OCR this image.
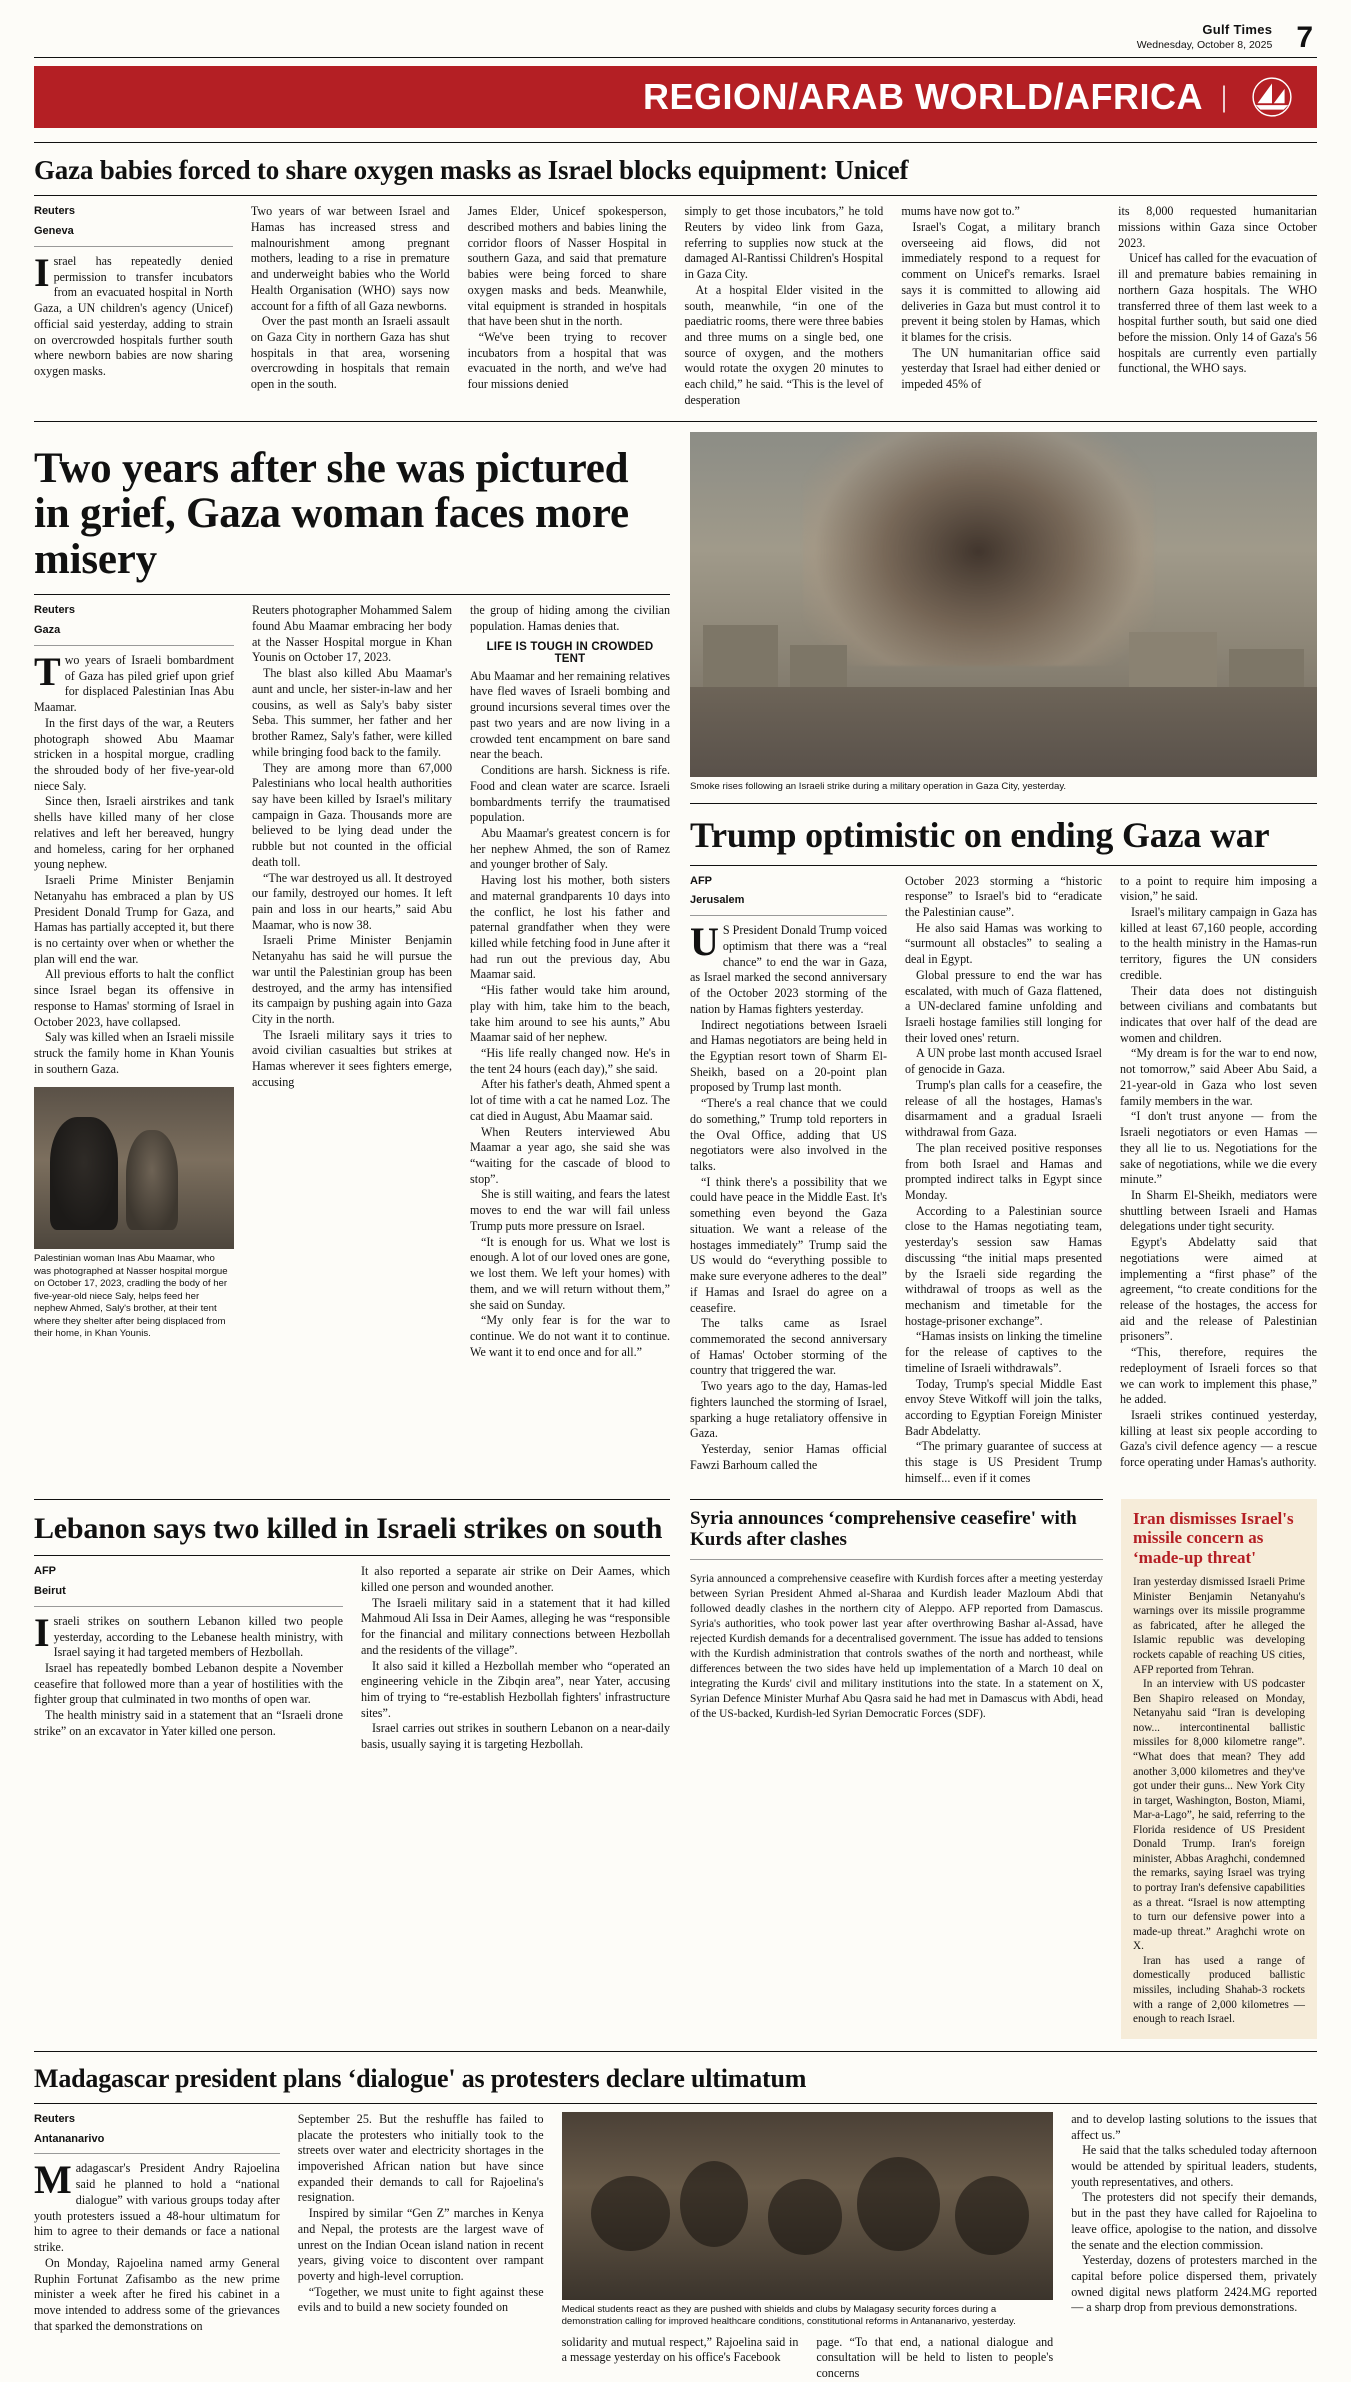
Gulf Times
Wednesday, October 8, 2025 7
REGION/ARAB WORLD/AFRICA |
Gaza babies forced to share oxygen masks as Israel blocks equipment: Unicef
Reuters
Geneva

Israel has repeatedly denied permission to transfer incubators from an evacuated hospital in North Gaza, a UN children's agency (Unicef) official said yesterday, adding to strain on overcrowded hospitals further south where newborn babies are now sharing oxygen masks.

Two years of war between Israel and Hamas has increased stress and malnourishment among pregnant mothers, leading to a rise in premature and underweight babies who the World Health Organisation (WHO) says now account for a fifth of all Gaza newborns.

Over the past month an Israeli assault on Gaza City in northern Gaza has shut hospitals in that area, worsening overcrowding in hospitals that remain open in the south.

James Elder, Unicef spokesperson, described mothers and babies lining the corridor floors of Nasser Hospital in southern Gaza, and said that premature babies were being forced to share oxygen masks and beds. Meanwhile, vital equipment is stranded in hospitals that have been shut in the north.

“We've been trying to recover incubators from a hospital that was evacuated in the north, and we've had four missions denied

simply to get those incubators,” he told Reuters by video link from Gaza, referring to supplies now stuck at the damaged Al-Rantissi Children's Hospital in Gaza City.

At a hospital Elder visited in the south, meanwhile, “in one of the paediatric rooms, there were three babies and three mums on a single bed, one source of oxygen, and the mothers would rotate the oxygen 20 minutes to each child,” he said. “This is the level of desperation

mums have now got to.”

Israel's Cogat, a military branch overseeing aid flows, did not immediately respond to a request for comment on Unicef's remarks. Israel says it is committed to allowing aid deliveries in Gaza but must control it to prevent it being stolen by Hamas, which it blames for the crisis.

The UN humanitarian office said yesterday that Israel had either denied or impeded 45% of

its 8,000 requested humanitarian missions within Gaza since October 2023.

Unicef has called for the evacuation of ill and premature babies remaining in northern Gaza hospitals. The WHO transferred three of them last week to a hospital further south, but said one died before the mission. Only 14 of Gaza's 56 hospitals are currently even partially functional, the WHO says.

Two years after she was pictured in grief, Gaza woman faces more misery
Reuters
Gaza

Two years of Israeli bombardment of Gaza has piled grief upon grief for displaced Palestinian Inas Abu Maamar.

In the first days of the war, a Reuters photograph showed Abu Maamar stricken in a hospital morgue, cradling the shrouded body of her five-year-old niece Saly.

Since then, Israeli airstrikes and tank shells have killed many of her close relatives and left her bereaved, hungry and homeless, caring for her orphaned young nephew.

Israeli Prime Minister Benjamin Netanyahu has embraced a plan by US President Donald Trump for Gaza, and Hamas has partially accepted it, but there is no certainty over when or whether the plan will end the war.

All previous efforts to halt the conflict since Israel began its offensive in response to Hamas' storming of Israel in October 2023, have collapsed.

Saly was killed when an Israeli missile struck the family home in Khan Younis in southern Gaza.

Palestinian woman Inas Abu Maamar, who was photographed at Nasser hospital morgue on October 17, 2023, cradling the body of her five-year-old niece Saly, helps feed her nephew Ahmed, Saly's brother, at their tent where they shelter after being displaced from their home, in Khan Younis.

Reuters photographer Mohammed Salem found Abu Maamar embracing her body at the Nasser Hospital morgue in Khan Younis on October 17, 2023.

The blast also killed Abu Maamar's aunt and uncle, her sister-in-law and her cousins, as well as Saly's baby sister Seba. This summer, her father and her brother Ramez, Saly's father, were killed while bringing food back to the family.

They are among more than 67,000 Palestinians who local health authorities say have been killed by Israel's military campaign in Gaza. Thousands more are believed to be lying dead under the rubble but not counted in the official death toll.

“The war destroyed us all. It destroyed our family, destroyed our homes. It left pain and loss in our hearts,” said Abu Maamar, who is now 38.

Israeli Prime Minister Benjamin Netanyahu has said he will pursue the war until the Palestinian group has been destroyed, and the army has intensified its campaign by pushing again into Gaza City in the north.

The Israeli military says it tries to avoid civilian casualties but strikes at Hamas wherever it sees fighters emerge, accusing

the group of hiding among the civilian population. Hamas denies that.

LIFE IS TOUGH IN CROWDED TENT

Abu Maamar and her remaining relatives have fled waves of Israeli bombing and ground incursions several times over the past two years and are now living in a crowded tent encampment on bare sand near the beach.

Conditions are harsh. Sickness is rife. Food and clean water are scarce. Israeli bombardments terrify the traumatised population.

Abu Maamar's greatest concern is for her nephew Ahmed, the son of Ramez and younger brother of Saly.

Having lost his mother, both sisters and maternal grandparents 10 days into the conflict, he lost his father and paternal grandfather when they were killed while fetching food in June after it had run out the previous day, Abu Maamar said.

“His father would take him around, play with him, take him to the beach, take him around to see his aunts,” Abu Maamar said of her nephew.

“His life really changed now. He's in the tent 24 hours (each day),” she said.

After his father's death, Ahmed spent a lot of time with a cat he named Loz. The cat died in August, Abu Maamar said.

When Reuters interviewed Abu Maamar a year ago, she said she was “waiting for the cascade of blood to stop”.

She is still waiting, and fears the latest moves to end the war will fail unless Trump puts more pressure on Israel.

“It is enough for us. What we lost is enough. A lot of our loved ones are gone, we lost them. We left your homes) with them, and we will return without them,” she said on Sunday.

“My only fear is for the war to continue. We do not want it to continue. We want it to end once and for all.”

Smoke rises following an Israeli strike during a military operation in Gaza City, yesterday.
Trump optimistic on ending Gaza war
AFP
Jerusalem

US President Donald Trump voiced optimism that there was a “real chance” to end the war in Gaza, as Israel marked the second anniversary of the October 2023 storming of the nation by Hamas fighters yesterday.

Indirect negotiations between Israeli and Hamas negotiators are being held in the Egyptian resort town of Sharm El-Sheikh, based on a 20-point plan proposed by Trump last month.

“There's a real chance that we could do something,” Trump told reporters in the Oval Office, adding that US negotiators were also involved in the talks.

“I think there's a possibility that we could have peace in the Middle East. It's something even beyond the Gaza situation. We want a release of the hostages immediately” Trump said the US would do “everything possible to make sure everyone adheres to the deal” if Hamas and Israel do agree on a ceasefire.

The talks came as Israel commemorated the second anniversary of Hamas' October storming of the country that triggered the war.

Two years ago to the day, Hamas-led fighters launched the storming of Israel, sparking a huge retaliatory offensive in Gaza.

Yesterday, senior Hamas official Fawzi Barhoum called the

October 2023 storming a “historic response” to Israel's bid to “eradicate the Palestinian cause”.

He also said Hamas was working to “surmount all obstacles” to sealing a deal in Egypt.

Global pressure to end the war has escalated, with much of Gaza flattened, a UN-declared famine unfolding and Israeli hostage families still longing for their loved ones' return.

A UN probe last month accused Israel of genocide in Gaza.

Trump's plan calls for a ceasefire, the release of all the hostages, Hamas's disarmament and a gradual Israeli withdrawal from Gaza.

The plan received positive responses from both Israel and Hamas and prompted indirect talks in Egypt since Monday.

According to a Palestinian source close to the Hamas negotiating team, yesterday's session saw Hamas discussing “the initial maps presented by the Israeli side regarding the withdrawal of troops as well as the mechanism and timetable for the hostage-prisoner exchange”.

“Hamas insists on linking the timeline for the release of captives to the timeline of Israeli withdrawals”.

Today, Trump's special Middle East envoy Steve Witkoff will join the talks, according to Egyptian Foreign Minister Badr Abdelatty.

“The primary guarantee of success at this stage is US President Trump himself... even if it comes

to a point to require him imposing a vision,” he said.

Israel's military campaign in Gaza has killed at least 67,160 people, according to the health ministry in the Hamas-run territory, figures the UN considers credible.

Their data does not distinguish between civilians and combatants but indicates that over half of the dead are women and children.

“My dream is for the war to end now, not tomorrow,” said Abeer Abu Said, a 21-year-old in Gaza who lost seven family members in the war.

“I don't trust anyone — from the Israeli negotiators or even Hamas — they all lie to us. Negotiations for the sake of negotiations, while we die every minute.”

In Sharm El-Sheikh, mediators were shuttling between Israeli and Hamas delegations under tight security.

Egypt's Abdelatty said that negotiations were aimed at implementing a “first phase” of the agreement, “to create conditions for the release of the hostages, the access for aid and the release of Palestinian prisoners”.

“This, therefore, requires the redeployment of Israeli forces so that we can work to implement this phase,” he added.

Israeli strikes continued yesterday, killing at least six people according to Gaza's civil defence agency — a rescue force operating under Hamas's authority.

Lebanon says two killed in Israeli strikes on south
AFP
Beirut

Israeli strikes on southern Lebanon killed two people yesterday, according to the Lebanese health ministry, with Israel saying it had targeted members of Hezbollah.

Israel has repeatedly bombed Lebanon despite a November ceasefire that followed more than a year of hostilities with the fighter group that culminated in two months of open war.

The health ministry said in a statement that an “Israeli drone strike” on an excavator in Yater killed one person.

It also reported a separate air strike on Deir Aames, which killed one person and wounded another.

The Israeli military said in a statement that it had killed Mahmoud Ali Issa in Deir Aames, alleging he was “responsible for the financial and military connections between Hezbollah and the residents of the village”.

It also said it killed a Hezbollah member who “operated an engineering vehicle in the Zibqin area”, near Yater, accusing him of trying to “re-establish Hezbollah fighters' infrastructure sites”.

Israel carries out strikes in southern Lebanon on a near-daily basis, usually saying it is targeting Hezbollah.

Syria announces ‘comprehensive ceasefire' with Kurds after clashes

Syria announced a comprehensive ceasefire with Kurdish forces after a meeting yesterday between Syrian President Ahmed al-Sharaa and Kurdish leader Mazloum Abdi that followed deadly clashes in the northern city of Aleppo. AFP reported from Damascus. Syria's authorities, who took power last year after overthrowing Bashar al-Assad, have rejected Kurdish demands for a decentralised government. The issue has added to tensions with the Kurdish administration that controls swathes of the north and northeast, while differences between the two sides have held up implementation of a March 10 deal on integrating the Kurds' civil and military institutions into the state. In a statement on X, Syrian Defence Minister Murhaf Abu Qasra said he had met in Damascus with Abdi, head of the US-backed, Kurdish-led Syrian Democratic Forces (SDF).

Iran dismisses Israel's missile concern as ‘made-up threat'

Iran yesterday dismissed Israeli Prime Minister Benjamin Netanyahu's warnings over its missile programme as fabricated, after he alleged the Islamic republic was developing rockets capable of reaching US cities, AFP reported from Tehran.

In an interview with US podcaster Ben Shapiro released on Monday, Netanyahu said “Iran is developing now... intercontinental ballistic missiles for 8,000 kilometre range”. “What does that mean? They add another 3,000 kilometres and they've got under their guns... New York City in target, Washington, Boston, Miami, Mar-a-Lago”, he said, referring to the Florida residence of US President Donald Trump. Iran's foreign minister, Abbas Araghchi, condemned the remarks, saying Israel was trying to portray Iran's defensive capabilities as a threat. “Israel is now attempting to turn our defensive power into a made-up threat.” Araghchi wrote on X.

Iran has used a range of domestically produced ballistic missiles, including Shahab-3 rockets with a range of 2,000 kilometres — enough to reach Israel.

Madagascar president plans ‘dialogue' as protesters declare ultimatum
Reuters
Antananarivo

Madagascar's President Andry Rajoelina said he planned to hold a “national dialogue” with various groups today after youth protesters issued a 48-hour ultimatum for him to agree to their demands or face a national strike.

On Monday, Rajoelina named army General Ruphin Fortunat Zafisambo as the new prime minister a week after he fired his cabinet in a move intended to address some of the grievances that sparked the demonstrations on

September 25. But the reshuffle has failed to placate the protesters who initially took to the streets over water and electricity shortages in the impoverished African nation but have since expanded their demands to call for Rajoelina's resignation.

Inspired by similar “Gen Z” marches in Kenya and Nepal, the protests are the largest wave of unrest on the Indian Ocean island nation in recent years, giving voice to discontent over rampant poverty and high-level corruption.

“Together, we must unite to fight against these evils and to build a new society founded on	Medical students react as they are pushed with shields and clubs by Malagasy security forces during a demonstration calling for improved healthcare conditions, constitutional reforms in Antananarivo, yesterday.

solidarity and mutual respect,” Rajoelina said in a message yesterday on his office's Facebook

page. “To that end, a national dialogue and consultation will be held to listen to people's concerns

and to develop lasting solutions to the issues that affect us.”

He said that the talks scheduled today afternoon would be attended by spiritual leaders, students, youth representatives, and others.

The protesters did not specify their demands, but in the past they have called for Rajoelina to leave office, apologise to the nation, and dissolve the senate and the election commission.

Yesterday, dozens of protesters marched in the capital before police dispersed them, privately owned digital news platform 2424.MG reported — a sharp drop from previous demonstrations.
